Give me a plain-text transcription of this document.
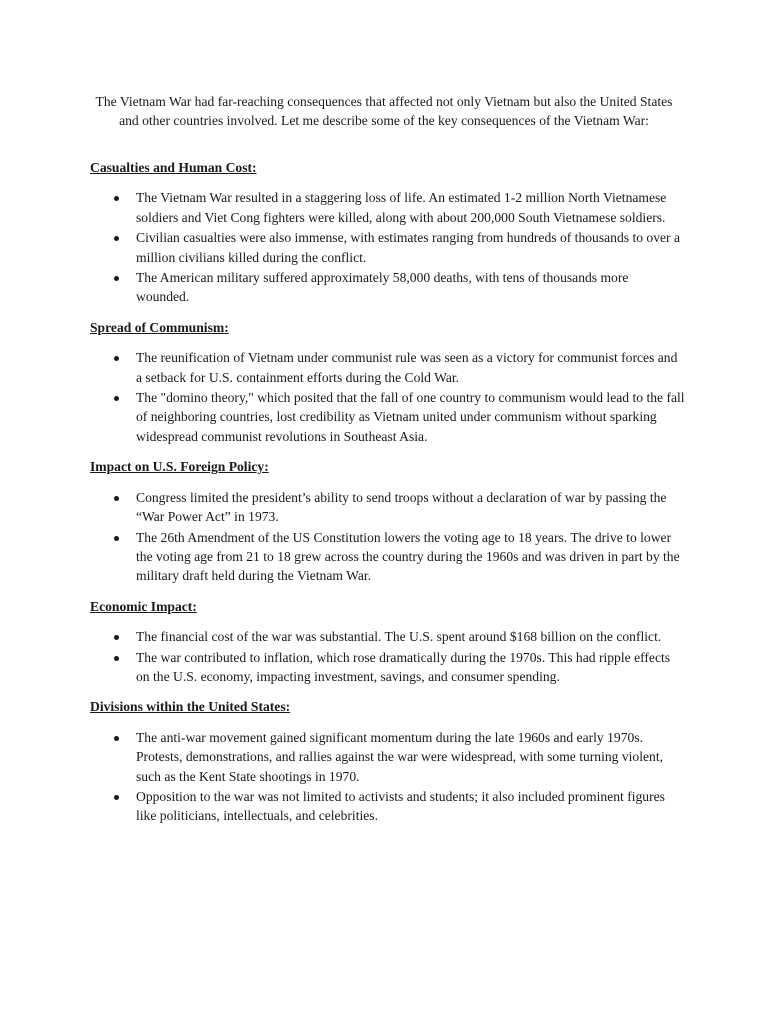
The Vietnam War had far-reaching consequences that affected not only Vietnam but also the United States and other countries involved. Let me describe some of the key consequences of the Vietnam War:

Casualties and Human Cost:

The Vietnam War resulted in a staggering loss of life. An estimated 1-2 million North Vietnamese soldiers and Viet Cong fighters were killed, along with about 200,000 South Vietnamese soldiers.
Civilian casualties were also immense, with estimates ranging from hundreds of thousands to over a million civilians killed during the conflict.
The American military suffered approximately 58,000 deaths, with tens of thousands more wounded.

Spread of Communism:

The reunification of Vietnam under communist rule was seen as a victory for communist forces and a setback for U.S. containment efforts during the Cold War.
The "domino theory," which posited that the fall of one country to communism would lead to the fall of neighboring countries, lost credibility as Vietnam united under communism without sparking widespread communist revolutions in Southeast Asia.

Impact on U.S. Foreign Policy:

Congress limited the president’s ability to send troops without a declaration of war by passing the “War Power Act” in 1973.
The 26th Amendment of the US Constitution lowers the voting age to 18 years. The drive to lower the voting age from 21 to 18 grew across the country during the 1960s and was driven in part by the military draft held during the Vietnam War.

Economic Impact:

The financial cost of the war was substantial. The U.S. spent around $168 billion on the conflict.
The war contributed to inflation, which rose dramatically during the 1970s. This had ripple effects on the U.S. economy, impacting investment, savings, and consumer spending.

Divisions within the United States:

The anti-war movement gained significant momentum during the late 1960s and early 1970s. Protests, demonstrations, and rallies against the war were widespread, with some turning violent, such as the Kent State shootings in 1970.
Opposition to the war was not limited to activists and students; it also included prominent figures like politicians, intellectuals, and celebrities.
